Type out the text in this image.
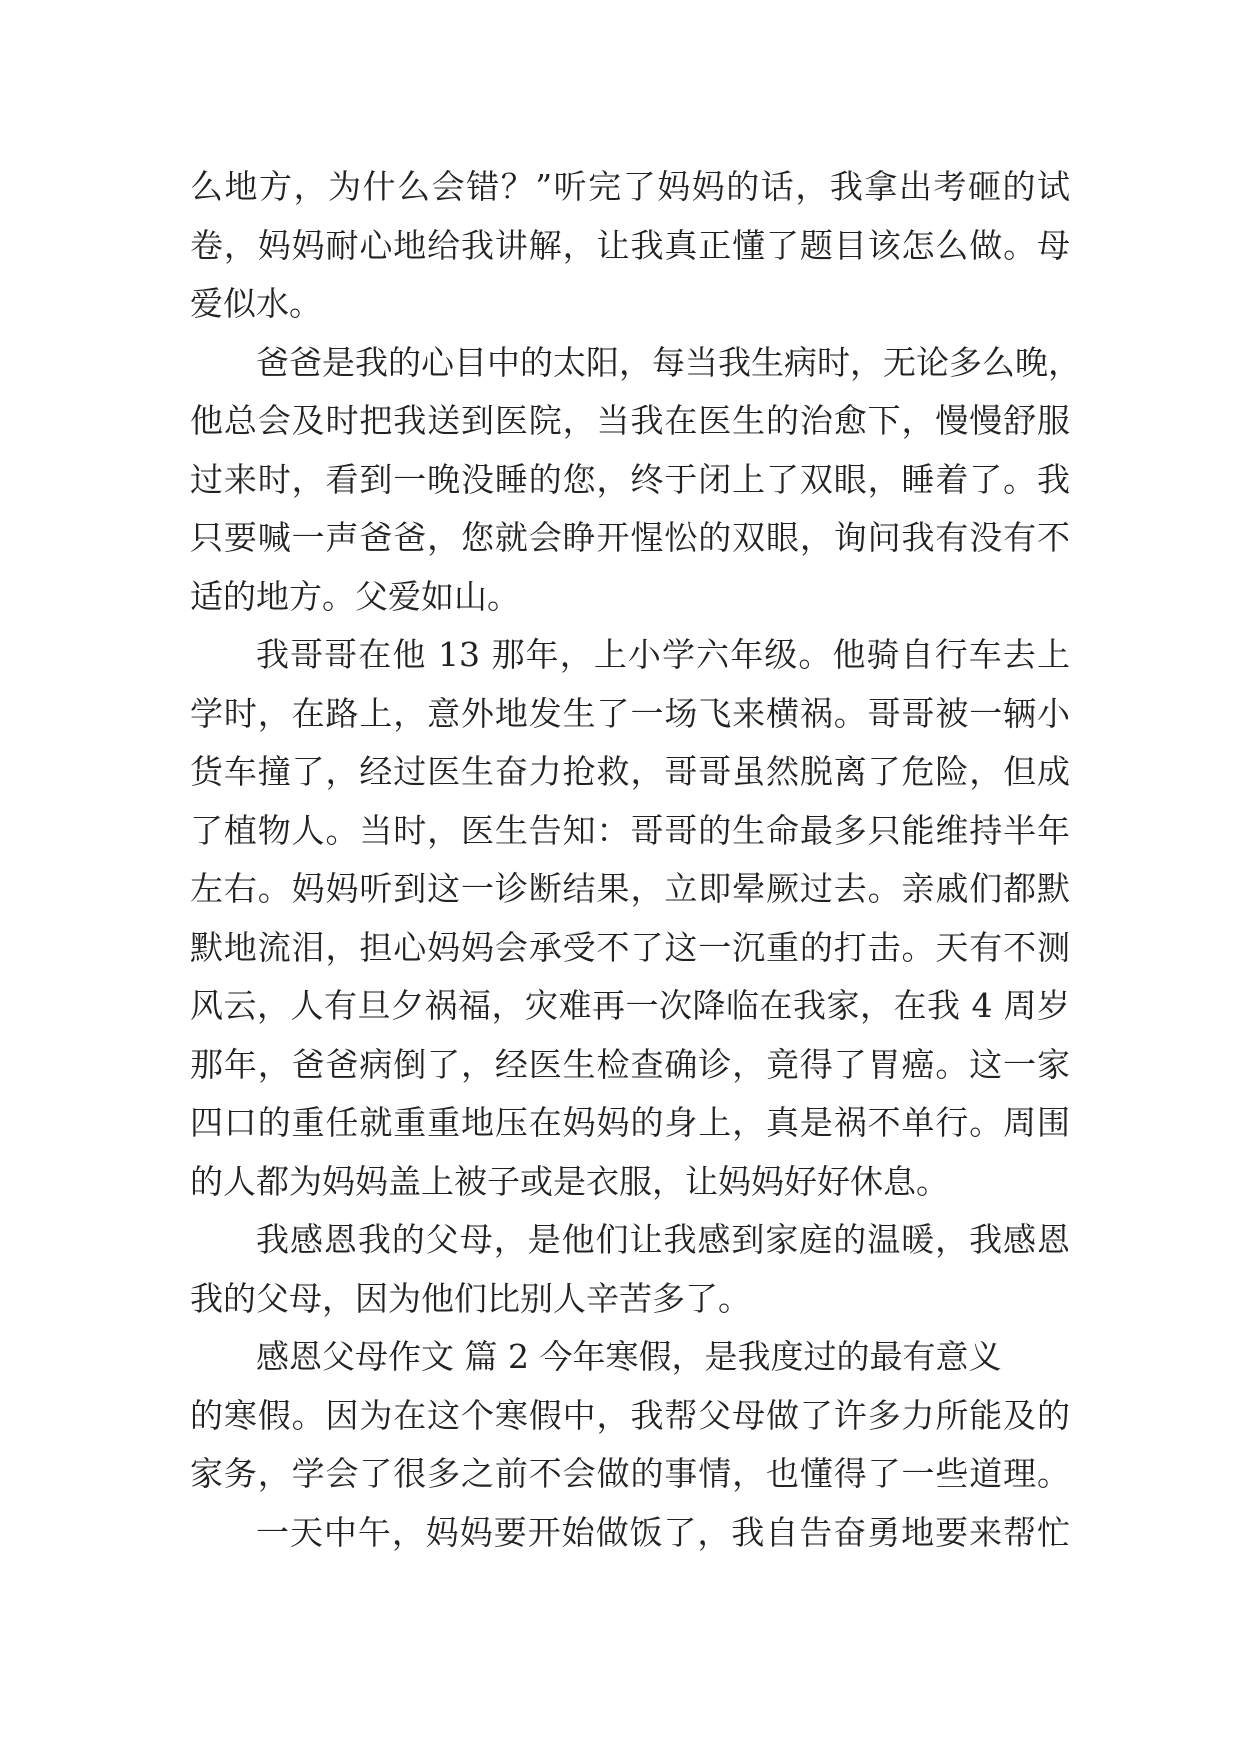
么地方，为什么会错？”听完了妈妈的话，我拿出考砸的试
卷，妈妈耐心地给我讲解，让我真正懂了题目该怎么做。母
爱似水。
爸爸是我的心目中的太阳，每当我生病时，无论多么晚，
他总会及时把我送到医院，当我在医生的治愈下，慢慢舒服
过来时，看到一晚没睡的您，终于闭上了双眼，睡着了。我
只要喊一声爸爸，您就会睁开惺忪的双眼，询问我有没有不
适的地方。父爱如山。
我哥哥在他 13 那年，上小学六年级。他骑自行车去上
学时，在路上，意外地发生了一场飞来横祸。哥哥被一辆小
货车撞了，经过医生奋力抢救，哥哥虽然脱离了危险，但成
了植物人。当时，医生告知：哥哥的生命最多只能维持半年
左右。妈妈听到这一诊断结果，立即晕厥过去。亲戚们都默
默地流泪，担心妈妈会承受不了这一沉重的打击。天有不测
风云，人有旦夕祸福，灾难再一次降临在我家，在我 4 周岁
那年，爸爸病倒了，经医生检查确诊，竟得了胃癌。这一家
四口的重任就重重地压在妈妈的身上，真是祸不单行。周围
的人都为妈妈盖上被子或是衣服，让妈妈好好休息。
我感恩我的父母，是他们让我感到家庭的温暖，我感恩
我的父母，因为他们比别人辛苦多了。
感恩父母作文 篇 2 今年寒假，是我度过的最有意义
的寒假。因为在这个寒假中，我帮父母做了许多力所能及的
家务，学会了很多之前不会做的事情，也懂得了一些道理。
一天中午，妈妈要开始做饭了，我自告奋勇地要来帮忙
